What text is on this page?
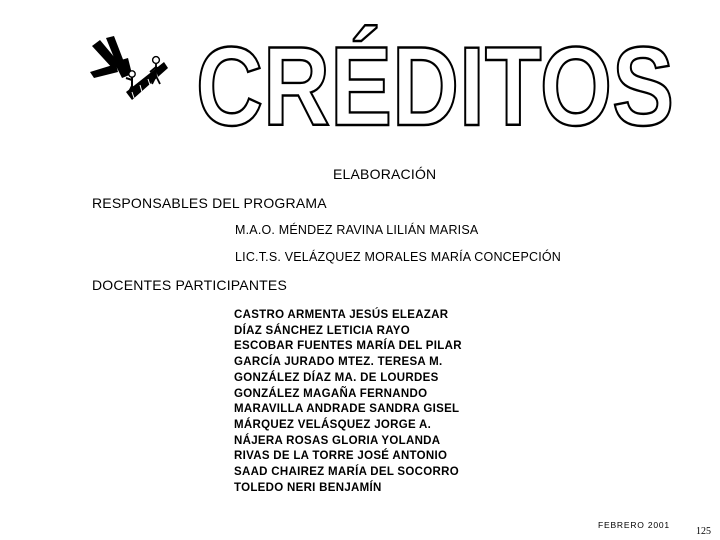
CRÉDITOS
ELABORACIÓN
RESPONSABLES DEL PROGRAMA
M.A.O. MÉNDEZ RAVINA LILIÁN MARISA
LIC.T.S. VELÁZQUEZ MORALES MARÍA CONCEPCIÓN
DOCENTES PARTICIPANTES
CASTRO ARMENTA JESÚS ELEAZAR
DÍAZ SÁNCHEZ LETICIA RAYO
ESCOBAR FUENTES MARÍA DEL PILAR
GARCÍA JURADO MTEZ. TERESA M.
GONZÁLEZ DÍAZ MA. DE LOURDES
GONZÁLEZ MAGAÑA FERNANDO
MARAVILLA ANDRADE SANDRA GISEL
MÁRQUEZ VELÁSQUEZ JORGE A.
NÁJERA ROSAS GLORIA YOLANDA
RIVAS DE LA TORRE JOSÉ ANTONIO
SAAD CHAIREZ MARÍA DEL SOCORRO
TOLEDO NERI BENJAMÍN
FEBRERO 2001
125
